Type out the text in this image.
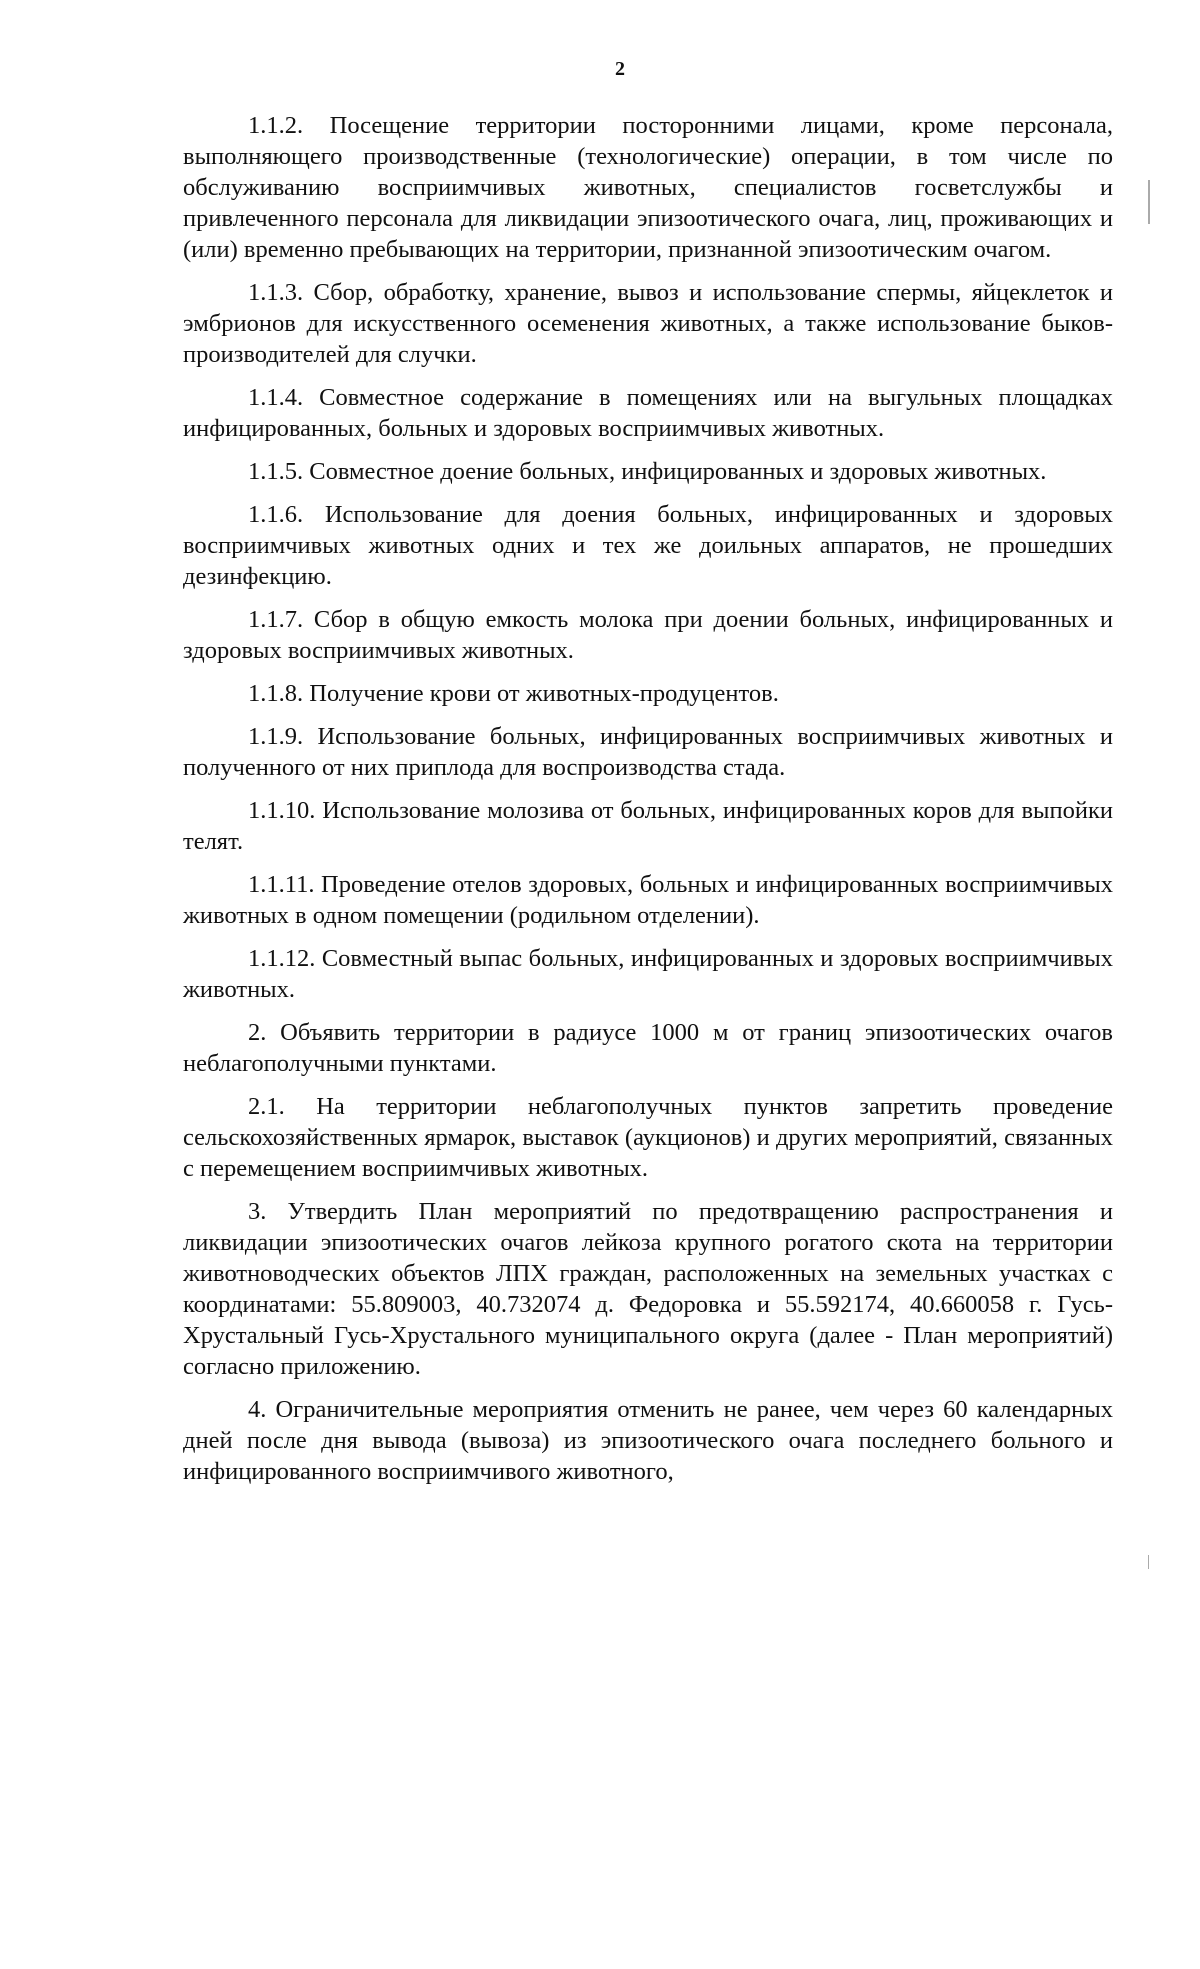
2

1.1.2. Посещение территории посторонними лицами, кроме персонала, выполняющего производственные (технологические) операции, в том числе по обслуживанию восприимчивых животных, специалистов госветслужбы и привлеченного персонала для ликвидации эпизоотического очага, лиц, проживающих и (или) временно пребывающих на территории, признанной эпизоотическим очагом.

1.1.3. Сбор, обработку, хранение, вывоз и использование спермы, яйцеклеток и эмбрионов для искусственного осеменения животных, а также использование быков-производителей для случки.

1.1.4. Совместное содержание в помещениях или на выгульных площадках инфицированных, больных и здоровых восприимчивых животных.

1.1.5. Совместное доение больных, инфицированных и здоровых животных.

1.1.6. Использование для доения больных, инфицированных и здоровых восприимчивых животных одних и тех же доильных аппаратов, не прошедших дезинфекцию.

1.1.7. Сбор в общую емкость молока при доении больных, инфицированных и здоровых восприимчивых животных.

1.1.8. Получение крови от животных-продуцентов.

1.1.9. Использование больных, инфицированных восприимчивых животных и полученного от них приплода для воспроизводства стада.

1.1.10. Использование молозива от больных, инфицированных коров для выпойки телят.

1.1.11. Проведение отелов здоровых, больных и инфицированных восприимчивых животных в одном помещении (родильном отделении).

1.1.12. Совместный выпас больных, инфицированных и здоровых восприимчивых животных.

2. Объявить территории в радиусе 1000 м от границ эпизоотических очагов неблагополучными пунктами.

2.1. На территории неблагополучных пунктов запретить проведение сельскохозяйственных ярмарок, выставок (аукционов) и других мероприятий, связанных с перемещением восприимчивых животных.

3. Утвердить План мероприятий по предотвращению распространения и ликвидации эпизоотических очагов лейкоза крупного рогатого скота на территории животноводческих объектов ЛПХ граждан, расположенных на земельных участках с координатами: 55.809003, 40.732074 д. Федоровка и 55.592174, 40.660058 г. Гусь-Хрустальный Гусь-Хрустального муниципального округа (далее - План мероприятий) согласно приложению.

4. Ограничительные мероприятия отменить не ранее, чем через 60 календарных дней после дня вывода (вывоза) из эпизоотического очага последнего больного и инфицированного восприимчивого животного,
